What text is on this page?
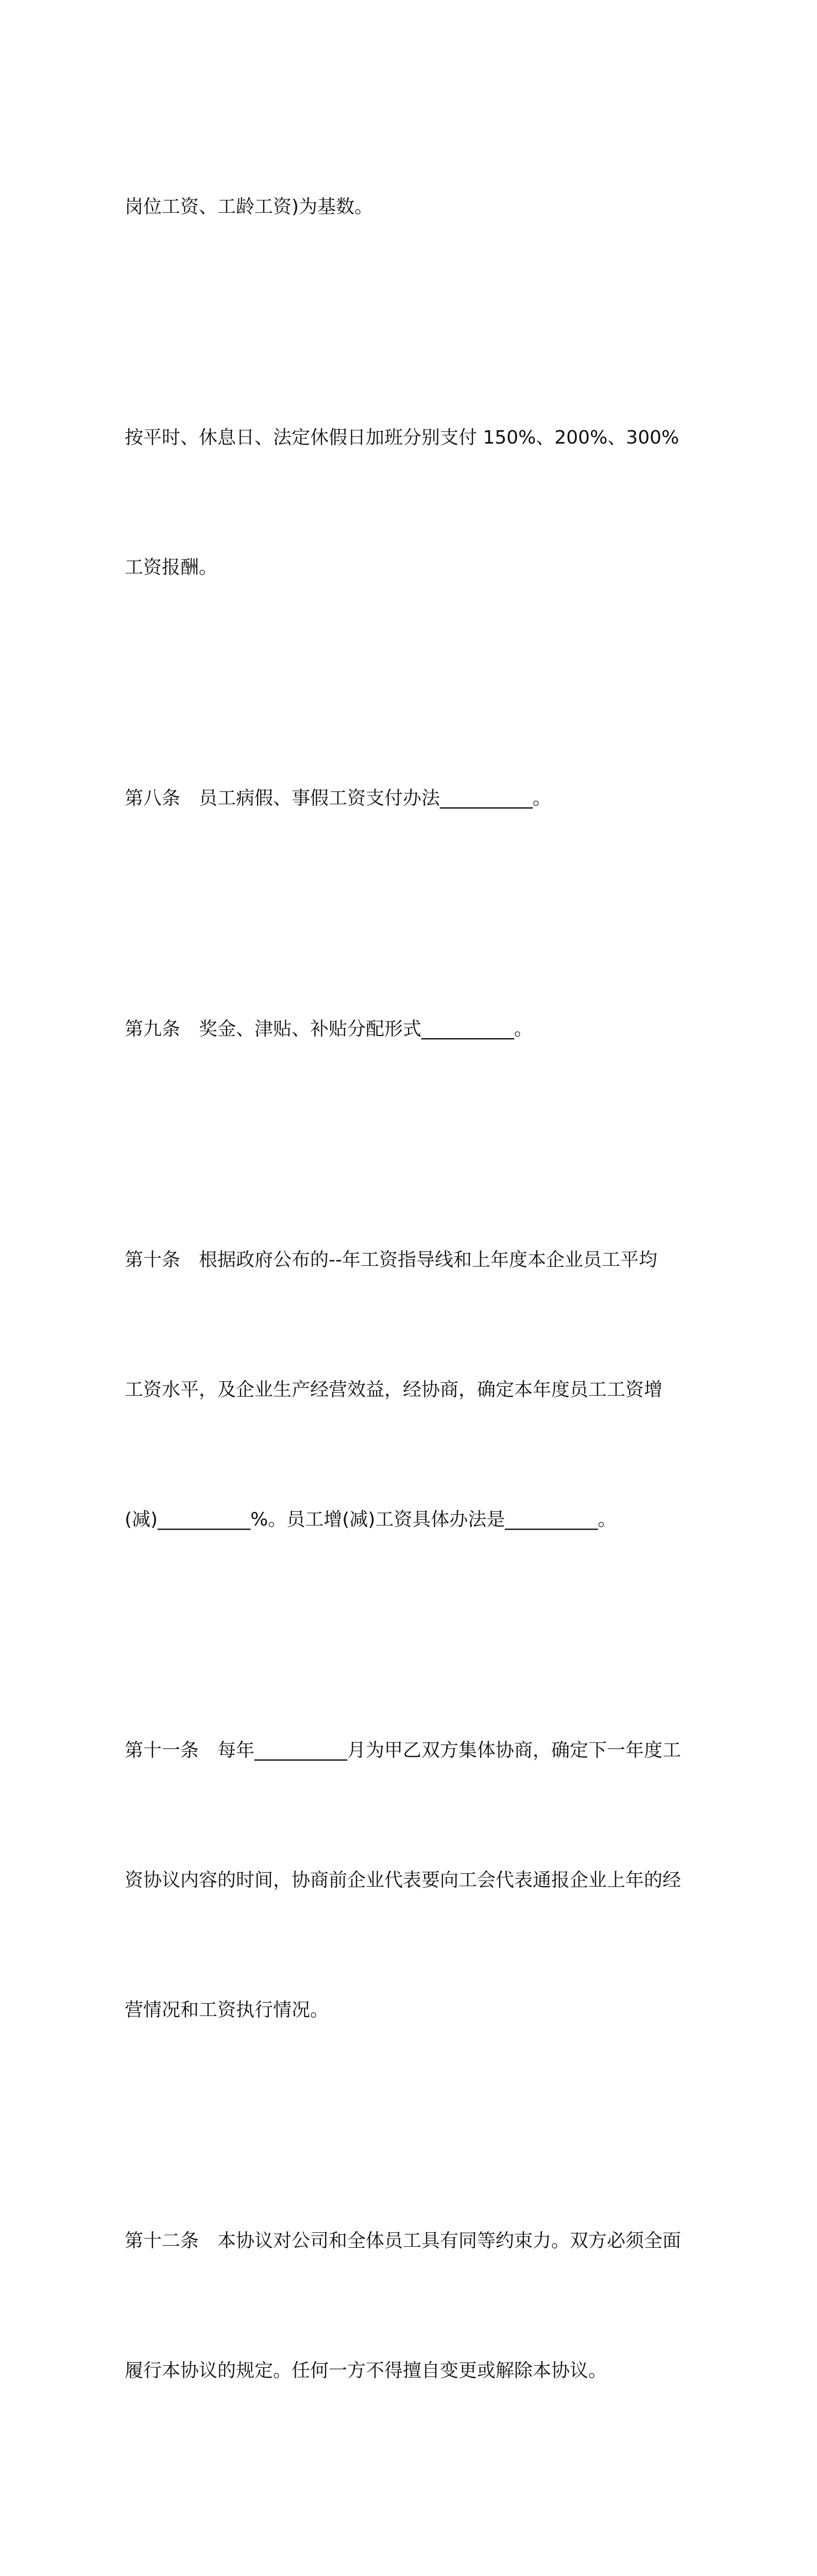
岗位工资、工龄工资)为基数。

按平时、休息日、法定休假日加班分别支付 150%、200%、300%

工资报酬。

第八条　员工病假、事假工资支付办法__________。

第九条　奖金、津贴、补贴分配形式__________。

第十条　根据政府公布的--年工资指导线和上年度本企业员工平均

工资水平，及企业生产经营效益，经协商，确定本年度员工工资增

(减)__________%。员工增(减)工资具体办法是__________。

第十一条　每年__________月为甲乙双方集体协商，确定下一年度工

资协议内容的时间，协商前企业代表要向工会代表通报企业上年的经

营情况和工资执行情况。

第十二条　本协议对公司和全体员工具有同等约束力。双方必须全面

履行本协议的规定。任何一方不得擅自变更或解除本协议。
